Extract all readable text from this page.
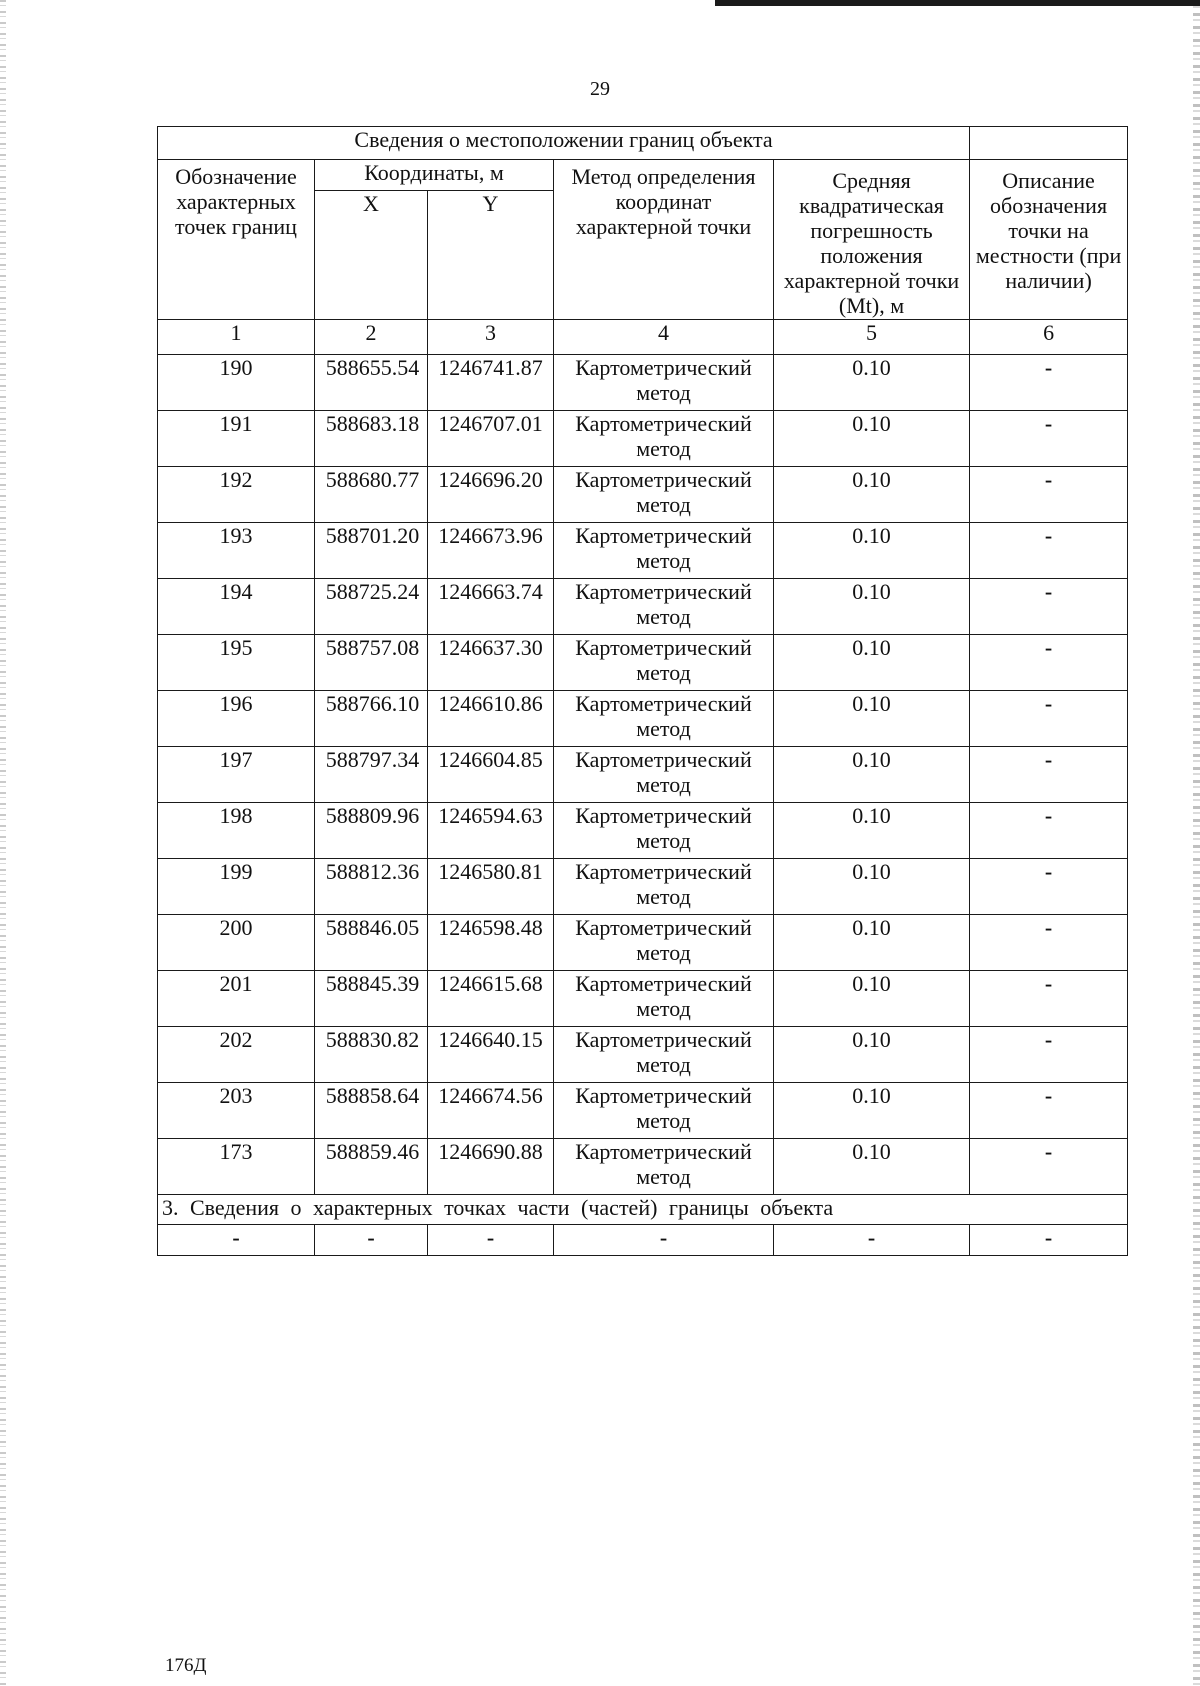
29
Сведения о местоположении границ объекта					
Обозначение характерных точек границ	Координаты, м		Метод определения координат характерной точки	Средняя квадратическая погрешность положения характерной точки (Mt), м	Описание обозначения точки на местности (при наличии)
	X	Y			
1	2	3	4	5	6
190	588655.54	1246741.87	Картометрический метод	0.10	-
191	588683.18	1246707.01	Картометрический метод	0.10	-
192	588680.77	1246696.20	Картометрический метод	0.10	-
193	588701.20	1246673.96	Картометрический метод	0.10	-
194	588725.24	1246663.74	Картометрический метод	0.10	-
195	588757.08	1246637.30	Картометрический метод	0.10	-
196	588766.10	1246610.86	Картометрический метод	0.10	-
197	588797.34	1246604.85	Картометрический метод	0.10	-
198	588809.96	1246594.63	Картометрический метод	0.10	-
199	588812.36	1246580.81	Картометрический метод	0.10	-
200	588846.05	1246598.48	Картометрический метод	0.10	-
201	588845.39	1246615.68	Картометрический метод	0.10	-
202	588830.82	1246640.15	Картометрический метод	0.10	-
203	588858.64	1246674.56	Картометрический метод	0.10	-
173	588859.46	1246690.88	Картометрический метод	0.10	-
3. Сведения о характерных точках части (частей) границы объекта					
-	-	-	-	-	-
176Д
